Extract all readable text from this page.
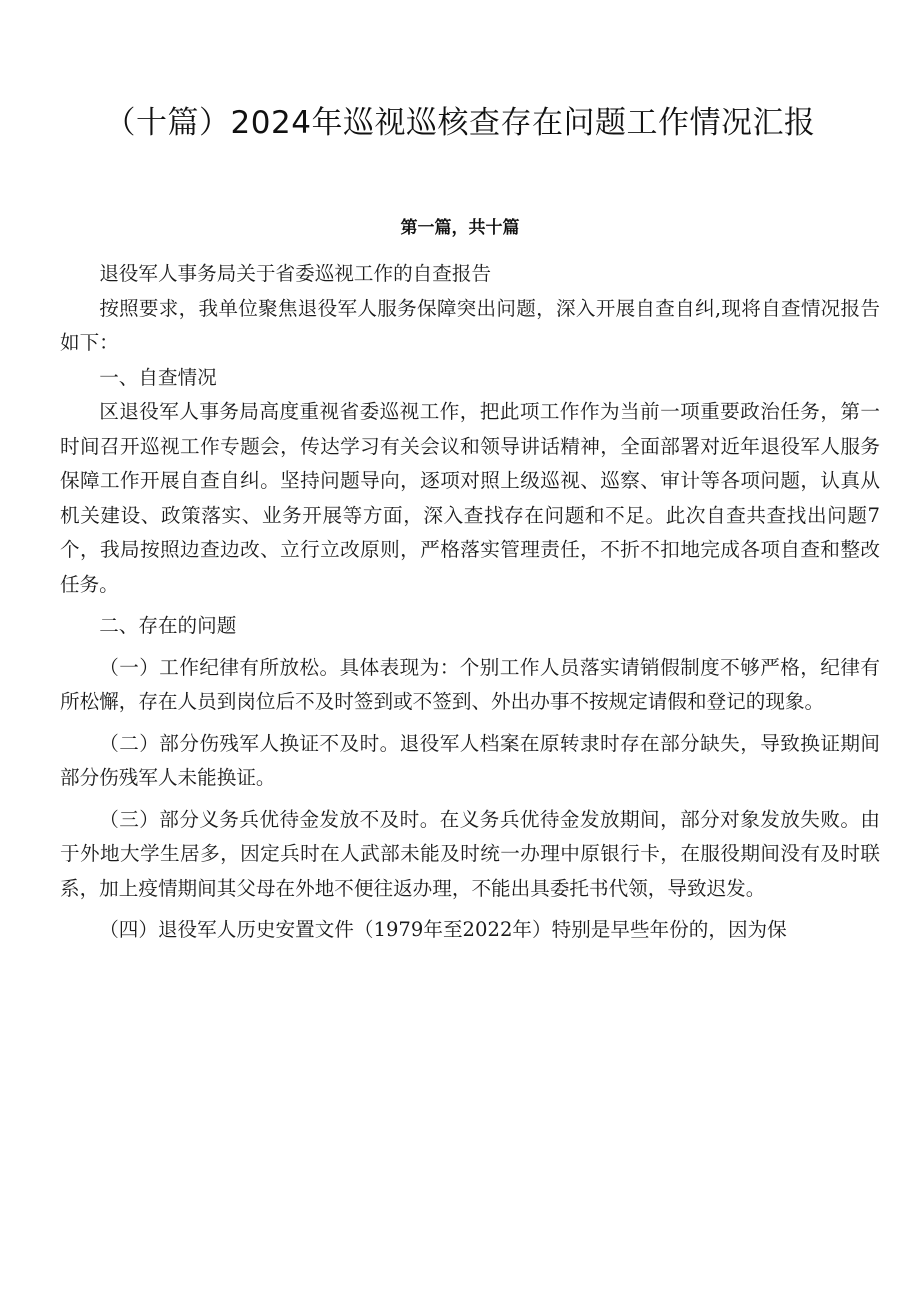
（十篇）2024年巡视巡核查存在问题工作情况汇报
第一篇，共十篇

退役军人事务局关于省委巡视工作的自查报告

按照要求，我单位聚焦退役军人服务保障突出问题，深入开展自查自纠,现将自查情况报告如下：

一、自查情况

区退役军人事务局高度重视省委巡视工作，把此项工作作为当前一项重要政治任务，第一时间召开巡视工作专题会，传达学习有关会议和领导讲话精神，全面部署对近年退役军人服务保障工作开展自查自纠。坚持问题导向，逐项对照上级巡视、巡察、审计等各项问题，认真从机关建设、政策落实、业务开展等方面，深入查找存在问题和不足。此次自查共查找出问题7个，我局按照边查边改、立行立改原则，严格落实管理责任，不折不扣地完成各项自查和整改任务。

二、存在的问题

（一）工作纪律有所放松。具体表现为：个别工作人员落实请销假制度不够严格，纪律有所松懈，存在人员到岗位后不及时签到或不签到、外出办事不按规定请假和登记的现象。

（二）部分伤残军人换证不及时。退役军人档案在原转隶时存在部分缺失，导致换证期间部分伤残军人未能换证。

（三）部分义务兵优待金发放不及时。在义务兵优待金发放期间，部分对象发放失败。由于外地大学生居多，因定兵时在人武部未能及时统一办理中原银行卡，在服役期间没有及时联系，加上疫情期间其父母在外地不便往返办理，不能出具委托书代领，导致迟发。

（四）退役军人历史安置文件（1979年至2022年）特别是早些年份的，因为保
